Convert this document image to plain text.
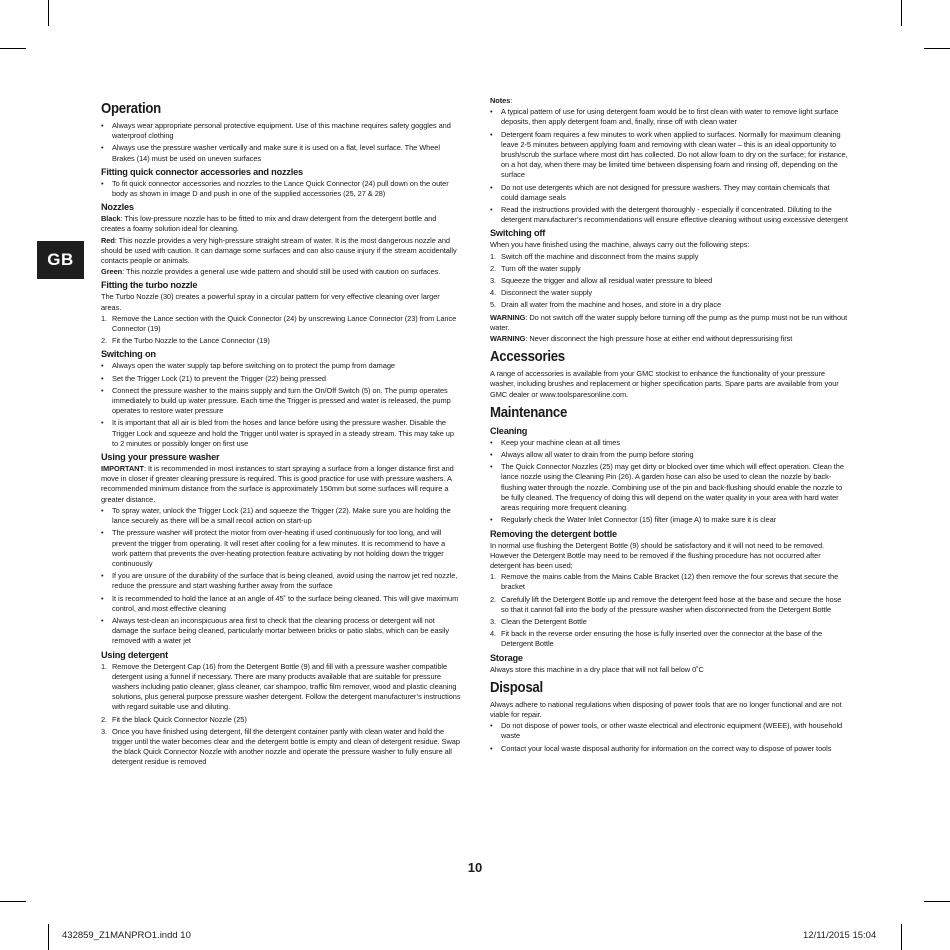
GB
Operation
• Always wear appropriate personal protective equipment. Use of this machine requires safety goggles and waterproof clothing
• Always use the pressure washer vertically and make sure it is used on a flat, level surface. The Wheel Brakes (14) must be used on uneven surfaces
Fitting quick connector accessories and nozzles
• To fit quick connector accessories and nozzles to the Lance Quick Connector (24) pull down on the outer body as shown in image D and push in one of the supplied accessories (25, 27 & 28)
Nozzles

Black: This low-pressure nozzle has to be fitted to mix and draw detergent from the detergent bottle and creates a foamy solution ideal for cleaning.

Red: This nozzle provides a very high-pressure straight stream of water. It is the most dangerous nozzle and should be used with caution. It can damage some surfaces and can also cause injury if the stream accidentally contacts people or animals.

Green: This nozzle provides a general use wide pattern and should still be used with caution on surfaces.

Fitting the turbo nozzle

The Turbo Nozzle (30) creates a powerful spray in a circular pattern for very effective cleaning over larger areas.

1. Remove the Lance section with the Quick Connector (24) by unscrewing Lance Connector (23) from Lance Connector (19)
2. Fit the Turbo Nozzle to the Lance Connector (19)
Switching on
• Always open the water supply tap before switching on to protect the pump from damage
• Set the Trigger Lock (21) to prevent the Trigger (22) being pressed
• Connect the pressure washer to the mains supply and turn the On/Off Switch (5) on. The pump operates immediately to build up water pressure. Each time the Trigger is pressed and water is released, the pump operates to restore water pressure
• It is important that all air is bled from the hoses and lance before using the pressure washer. Disable the Trigger Lock and squeeze and hold the Trigger until water is sprayed in a steady stream. This may take up to 2 minutes or possibly longer on first use
Using your pressure washer

IMPORTANT: It is recommended in most instances to start spraying a surface from a longer distance first and move in closer if greater cleaning pressure is required. This is good practice for use with pressure washers. A recommended minimum distance from the surface is approximately 150mm but some surfaces will require a greater distance.

• To spray water, unlock the Trigger Lock (21) and squeeze the Trigger (22). Make sure you are holding the lance securely as there will be a small recoil action on start-up
• The pressure washer will protect the motor from over-heating if used continuously for too long, and will prevent the trigger from operating. It will reset after cooling for a few minutes. It is recommend to have a work pattern that prevents the over-heating protection feature activating by not holding down the trigger continuously
• If you are unsure of the durability of the surface that is being cleaned, avoid using the narrow jet red nozzle, reduce the pressure and start washing further away from the surface
• It is recommended to hold the lance at an angle of 45˚ to the surface being cleaned. This will give maximum control, and most effective cleaning
• Always test-clean an inconspicuous area first to check that the cleaning process or detergent will not damage the surface being cleaned, particularly mortar between bricks or patio slabs, which can be easily removed with a water jet
Using detergent
1. Remove the Detergent Cap (16) from the Detergent Bottle (9) and fill with a pressure washer compatible detergent using a funnel if necessary. There are many products available that are suitable for pressure washers including patio cleaner, glass cleaner, car shampoo, traffic film remover, wood and plastic cleaning solutions, plus general purpose pressure washer detergent. Follow the detergent manufacturer’s instructions with regard suitable use and diluting.
2. Fit the black Quick Connector Nozzle (25)
3. Once you have finished using detergent, fill the detergent container partly with clean water and hold the trigger until the water becomes clear and the detergent bottle is empty and clean of detergent residue. Swap the black Quick Connector Nozzle with another nozzle and operate the pressure washer to fully ensure all detergent residue is removed

Notes:

• A typical pattern of use for using detergent foam would be to first clean with water to remove light surface deposits, then apply detergent foam and, finally, rinse off with clean water
• Detergent foam requires a few minutes to work when applied to surfaces. Normally for maximum cleaning leave 2-5 minutes between applying foam and removing with clean water – this is an ideal opportunity to brush/scrub the surface where most dirt has collected. Do not allow foam to dry on the surface; for instance, on a hot day, when there may be limited time between dispensing foam and rinsing off, depending on the surface
• Do not use detergents which are not designed for pressure washers. They may contain chemicals that could damage seals
• Read the instructions provided with the detergent thoroughly - especially if concentrated. Diluting to the detergent manufacturer’s recommendations will ensure effective cleaning without using excessive detergent
Switching off

When you have finished using the machine, always carry out the following steps:

1. Switch off the machine and disconnect from the mains supply
2. Turn off the water supply
3. Squeeze the trigger and allow all residual water pressure to bleed
4. Disconnect the water supply
5. Drain all water from the machine and hoses, and store in a dry place

WARNING: Do not switch off the water supply before turning off the pump as the pump must not be run without water.

WARNING: Never disconnect the high pressure hose at either end without depressurising first

Accessories

A range of accessories is available from your GMC stockist to enhance the functionality of your pressure washer, including brushes and replacement or higher specification parts. Spare parts are available from your GMC dealer or www.toolsparesonline.com.

Maintenance
Cleaning
• Keep your machine clean at all times
• Always allow all water to drain from the pump before storing
• The Quick Connector Nozzles (25) may get dirty or blocked over time which will effect operation. Clean the lance nozzle using the Cleaning Pin (26). A garden hose can also be used to clean the nozzle by back-flushing water through the nozzle. Combining use of the pin and back-flushing should enable the nozzle to be fully cleaned. The frequency of doing this will depend on the water quality in your area with hard water areas requiring more frequent cleaning.
• Regularly check the Water Inlet Connector (15) filter (image A) to make sure it is clear
Removing the detergent bottle

In normal use flushing the Detergent Bottle (9) should be satisfactory and it will not need to be removed. However the Detergent Bottle may need to be removed if the flushing procedure has not occurred after detergent has been used;

1. Remove the mains cable from the Mains Cable Bracket (12) then remove the four screws that secure the bracket
2. Carefully lift the Detergent Bottle up and remove the detergent feed hose at the base and secure the hose so that it cannot fall into the body of the pressure washer when disconnected from the Detergent Bottle
3. Clean the Detergent Bottle
4. Fit back in the reverse order ensuring the hose is fully inserted over the connector at the base of the Detergent Bottle
Storage

Always store this machine in a dry place that will not fall below 0˚C

Disposal

Always adhere to national regulations when disposing of power tools that are no longer functional and are not viable for repair.

• Do not dispose of power tools, or other waste electrical and electronic equipment (WEEE), with household waste
• Contact your local waste disposal authority for information on the correct way to dispose of power tools
10
432859_Z1MANPRO1.indd 10	12/11/2015 15:04
